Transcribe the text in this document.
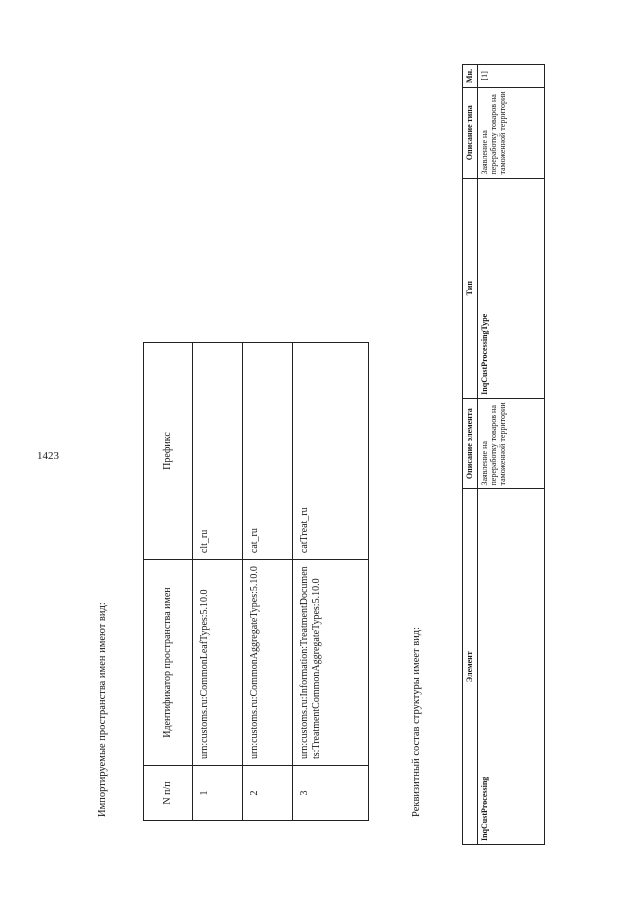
1423
Импортируемые пространства имен имеют вид:	N п/п	Идентификатор пространства имен	Префикс
1	urn:customs.ru:CommonLeafTypes:5.10.0	clt_ru
2	urn:customs.ru:CommonAggregateTypes:5.10.0	cat_ru
3	urn:customs.ru:Information:TreatmentDocuments:TreatmentCommonAggregateTypes:5.10.0	catTreat_ru
Реквизитный состав структуры имеет вид:	Элемент	Описание элемента	Тип	Описание типа	Мн.
InqCustProcessing	Заявление на переработку товаров на таможенной территории	InqCustProcessingType	Заявление на переработку товаров на таможенной территории	[1]
